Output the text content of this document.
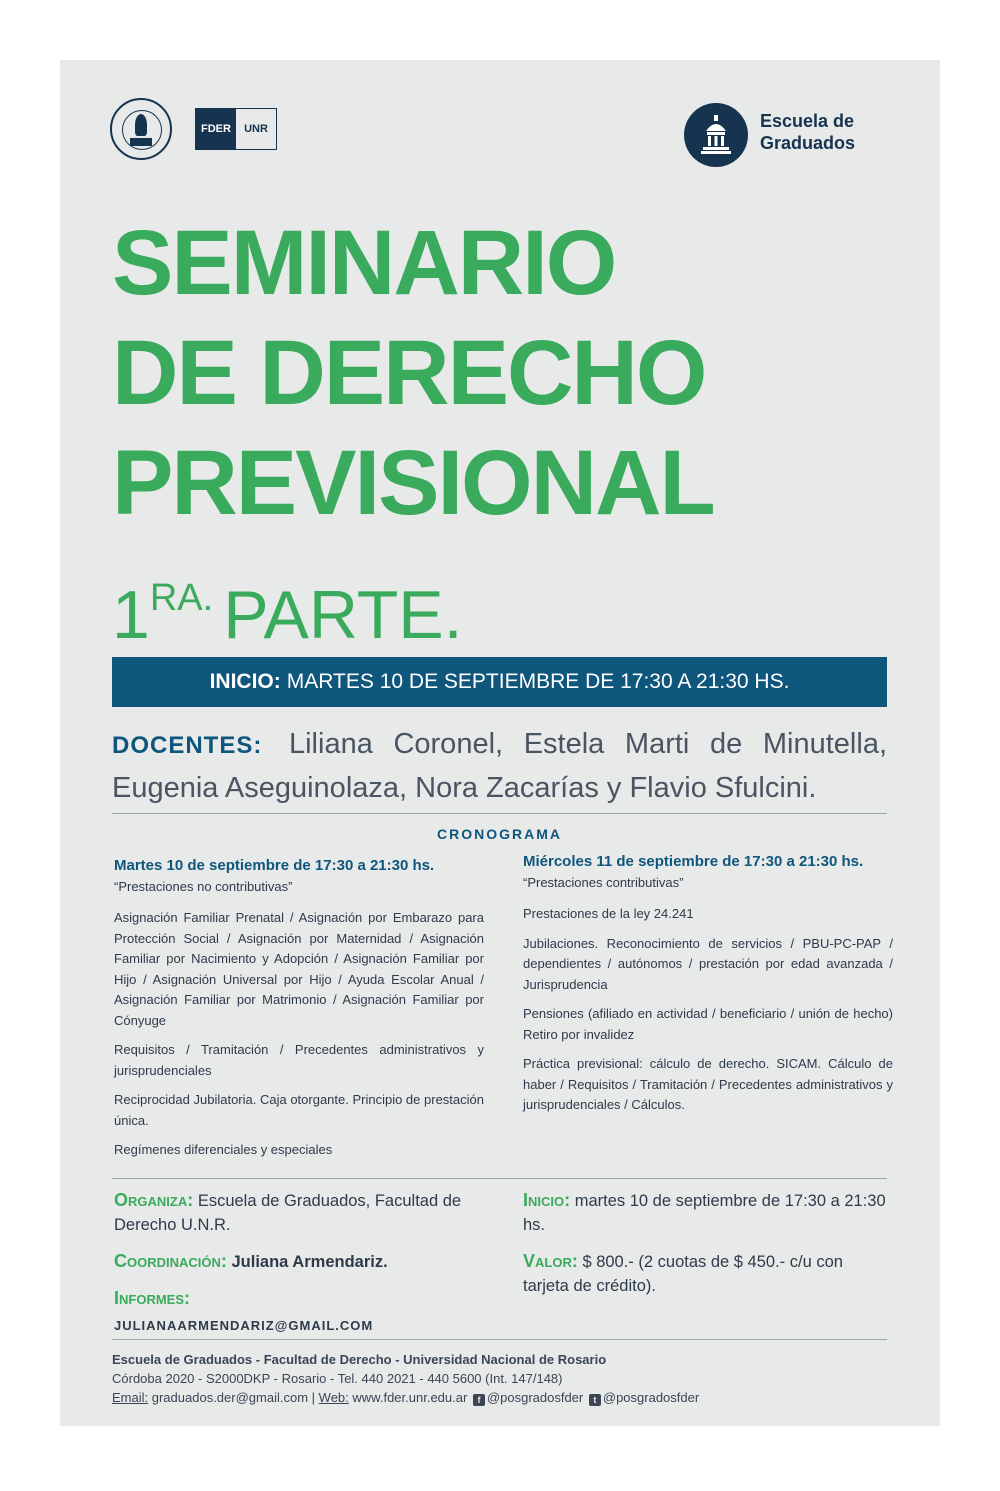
FDER	UNR	Escuela de
Graduados
SEMINARIO
DE DERECHO
PREVISIONAL
$1^{RA.}$ PARTE.
INICIO: MARTES 10 DE SEPTIEMBRE DE 17:30 A 21:30 HS.
DOCENTES: Liliana Coronel, Estela Marti de Minutella, Eugenia Aseguinolaza, Nora Zacarías y Flavio Sfulcini.
CRONOGRAMA
Martes 10 de septiembre de 17:30 a 21:30 hs.

“Prestaciones no contributivas”

Asignación Familiar Prenatal / Asignación por Embarazo para Protección Social / Asignación por Maternidad / Asignación Familiar por Nacimiento y Adopción / Asignación Familiar por Hijo / Asignación Universal por Hijo / Ayuda Escolar Anual / Asignación Familiar por Matrimonio / Asignación Familiar por Cónyuge

Requisitos / Tramitación / Precedentes administrativos y jurisprudenciales

Reciprocidad Jubilatoria. Caja otorgante. Principio de prestación única.

Regímenes diferenciales y especiales

Miércoles 11 de septiembre de 17:30 a 21:30 hs.

“Prestaciones contributivas”

Prestaciones de la ley 24.241

Jubilaciones. Reconocimiento de servicios / PBU-PC-PAP / dependientes / autónomos / prestación por edad avanzada / Jurisprudencia

Pensiones (afiliado en actividad / beneficiario / unión de hecho) Retiro por invalidez

Práctica previsional: cálculo de derecho. SICAM. Cálculo de haber / Requisitos / Tramitación / Precedentes administrativos y jurisprudenciales / Cálculos.

Organiza: Escuela de Graduados, Facultad de Derecho U.N.R.
Coordinación: Juliana Armendariz.
Informes:
JULIANAARMENDARIZ@GMAIL.COM
Inicio: martes 10 de septiembre de 17:30 a 21:30 hs.
Valor: $ 800.- (2 cuotas de $ 450.- c/u con tarjeta de crédito).
Escuela de Graduados - Facultad de Derecho - Universidad Nacional de Rosario
Córdoba 2020 - S2000DKP - Rosario - Tel. 440 2021 - 440 5600 (Int. 147/148)
Email: graduados.der@gmail.com | Web: www.fder.unr.edu.ar f @posgradosfder t @posgradosfder
